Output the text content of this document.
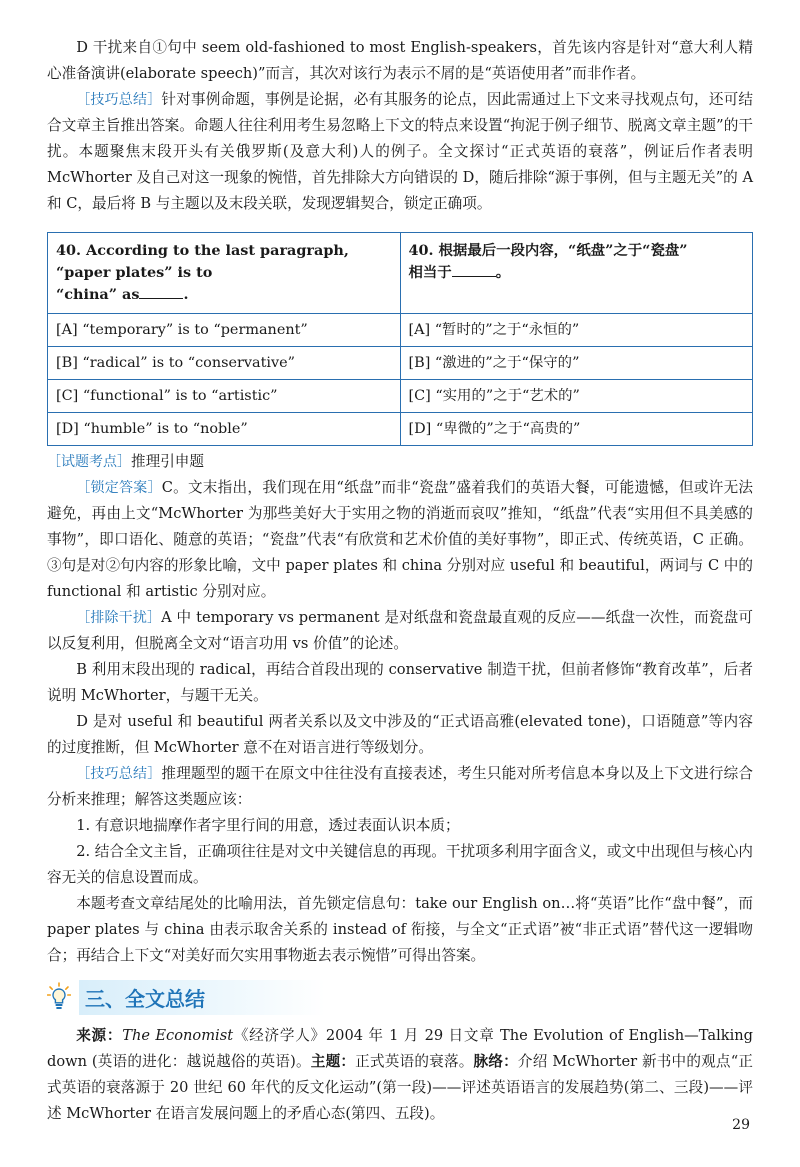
D 干扰来自①句中 seem old-fashioned to most English-speakers，首先该内容是针对“意大利人精心准备演讲(elaborate speech)”而言，其次对该行为表示不屑的是“英语使用者”而非作者。

［技巧总结］针对事例命题，事例是论据，必有其服务的论点，因此需通过上下文来寻找观点句，还可结合文章主旨推出答案。命题人往往利用考生易忽略上下文的特点来设置“拘泥于例子细节、脱离文章主题”的干扰。本题聚焦末段开头有关俄罗斯(及意大利)人的例子。全文探讨“正式英语的衰落”，例证后作者表明 McWhorter 及自己对这一现象的惋惜，首先排除大方向错误的 D，随后排除“源于事例，但与主题无关”的 A 和 C，最后将 B 与主题以及末段关联，发现逻辑契合，锁定正确项。

40. According to the last paragraph, “paper plates” is to
“china” as .	40. 根据最后一段内容，“纸盘”之于“瓷盘”
相当于 。
[A] “temporary” is to “permanent”	[A] “暂时的”之于“永恒的”
[B] “radical” is to “conservative”	[B] “激进的”之于“保守的”
[C] “functional” is to “artistic”	[C] “实用的”之于“艺术的”
[D] “humble” is to “noble”	[D] “卑微的”之于“高贵的”

［试题考点］推理引申题

［锁定答案］C。文末指出，我们现在用“纸盘”而非“瓷盘”盛着我们的英语大餐，可能遗憾，但或许无法避免，再由上文“McWhorter 为那些美好大于实用之物的消逝而哀叹”推知，“纸盘”代表“实用但不具美感的事物”，即口语化、随意的英语；“瓷盘”代表“有欣赏和艺术价值的美好事物”，即正式、传统英语，C 正确。③句是对②句内容的形象比喻，文中 paper plates 和 china 分别对应 useful 和 beautiful，两词与 C 中的 functional 和 artistic 分别对应。

［排除干扰］A 中 temporary vs permanent 是对纸盘和瓷盘最直观的反应——纸盘一次性，而瓷盘可以反复利用，但脱离全文对“语言功用 vs 价值”的论述。

B 利用末段出现的 radical，再结合首段出现的 conservative 制造干扰，但前者修饰“教育改革”，后者说明 McWhorter，与题干无关。

D 是对 useful 和 beautiful 两者关系以及文中涉及的“正式语高雅(elevated tone)，口语随意”等内容的过度推断，但 McWhorter 意不在对语言进行等级划分。

［技巧总结］推理题型的题干在原文中往往没有直接表述，考生只能对所考信息本身以及上下文进行综合分析来推理；解答这类题应该：

1. 有意识地揣摩作者字里行间的用意，透过表面认识本质；

2. 结合全文主旨，正确项往往是对文中关键信息的再现。干扰项多利用字面含义，或文中出现但与核心内容无关的信息设置而成。

本题考查文章结尾处的比喻用法，首先锁定信息句：take our English on…将“英语”比作“盘中餐”，而 paper plates 与 china 由表示取舍关系的 instead of 衔接，与全文“正式语”被“非正式语”替代这一逻辑吻合；再结合上下文“对美好而欠实用事物逝去表示惋惜”可得出答案。

三、全文总结

来源：The Economist《经济学人》2004 年 1 月 29 日文章 The Evolution of English—Talking down (英语的进化：越说越俗的英语)。主题：正式英语的衰落。脉络：介绍 McWhorter 新书中的观点“正式英语的衰落源于 20 世纪 60 年代的反文化运动”(第一段)——评述英语语言的发展趋势(第二、三段)——评述 McWhorter 在语言发展问题上的矛盾心态(第四、五段)。

29
